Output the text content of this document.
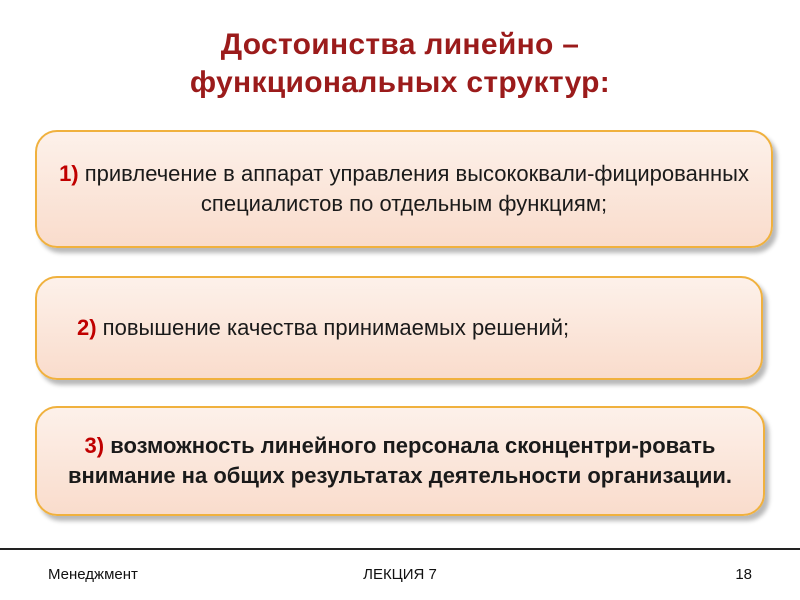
Достоинства линейно –
функциональных структур:
1) привлечение в аппарат управления высококвали-фицированных специалистов по отдельным функциям;
2) повышение качества принимаемых решений;
3) возможность линейного персонала сконцентри-ровать внимание на общих результатах деятельности организации.
Менеджмент	ЛЕКЦИЯ 7	18
